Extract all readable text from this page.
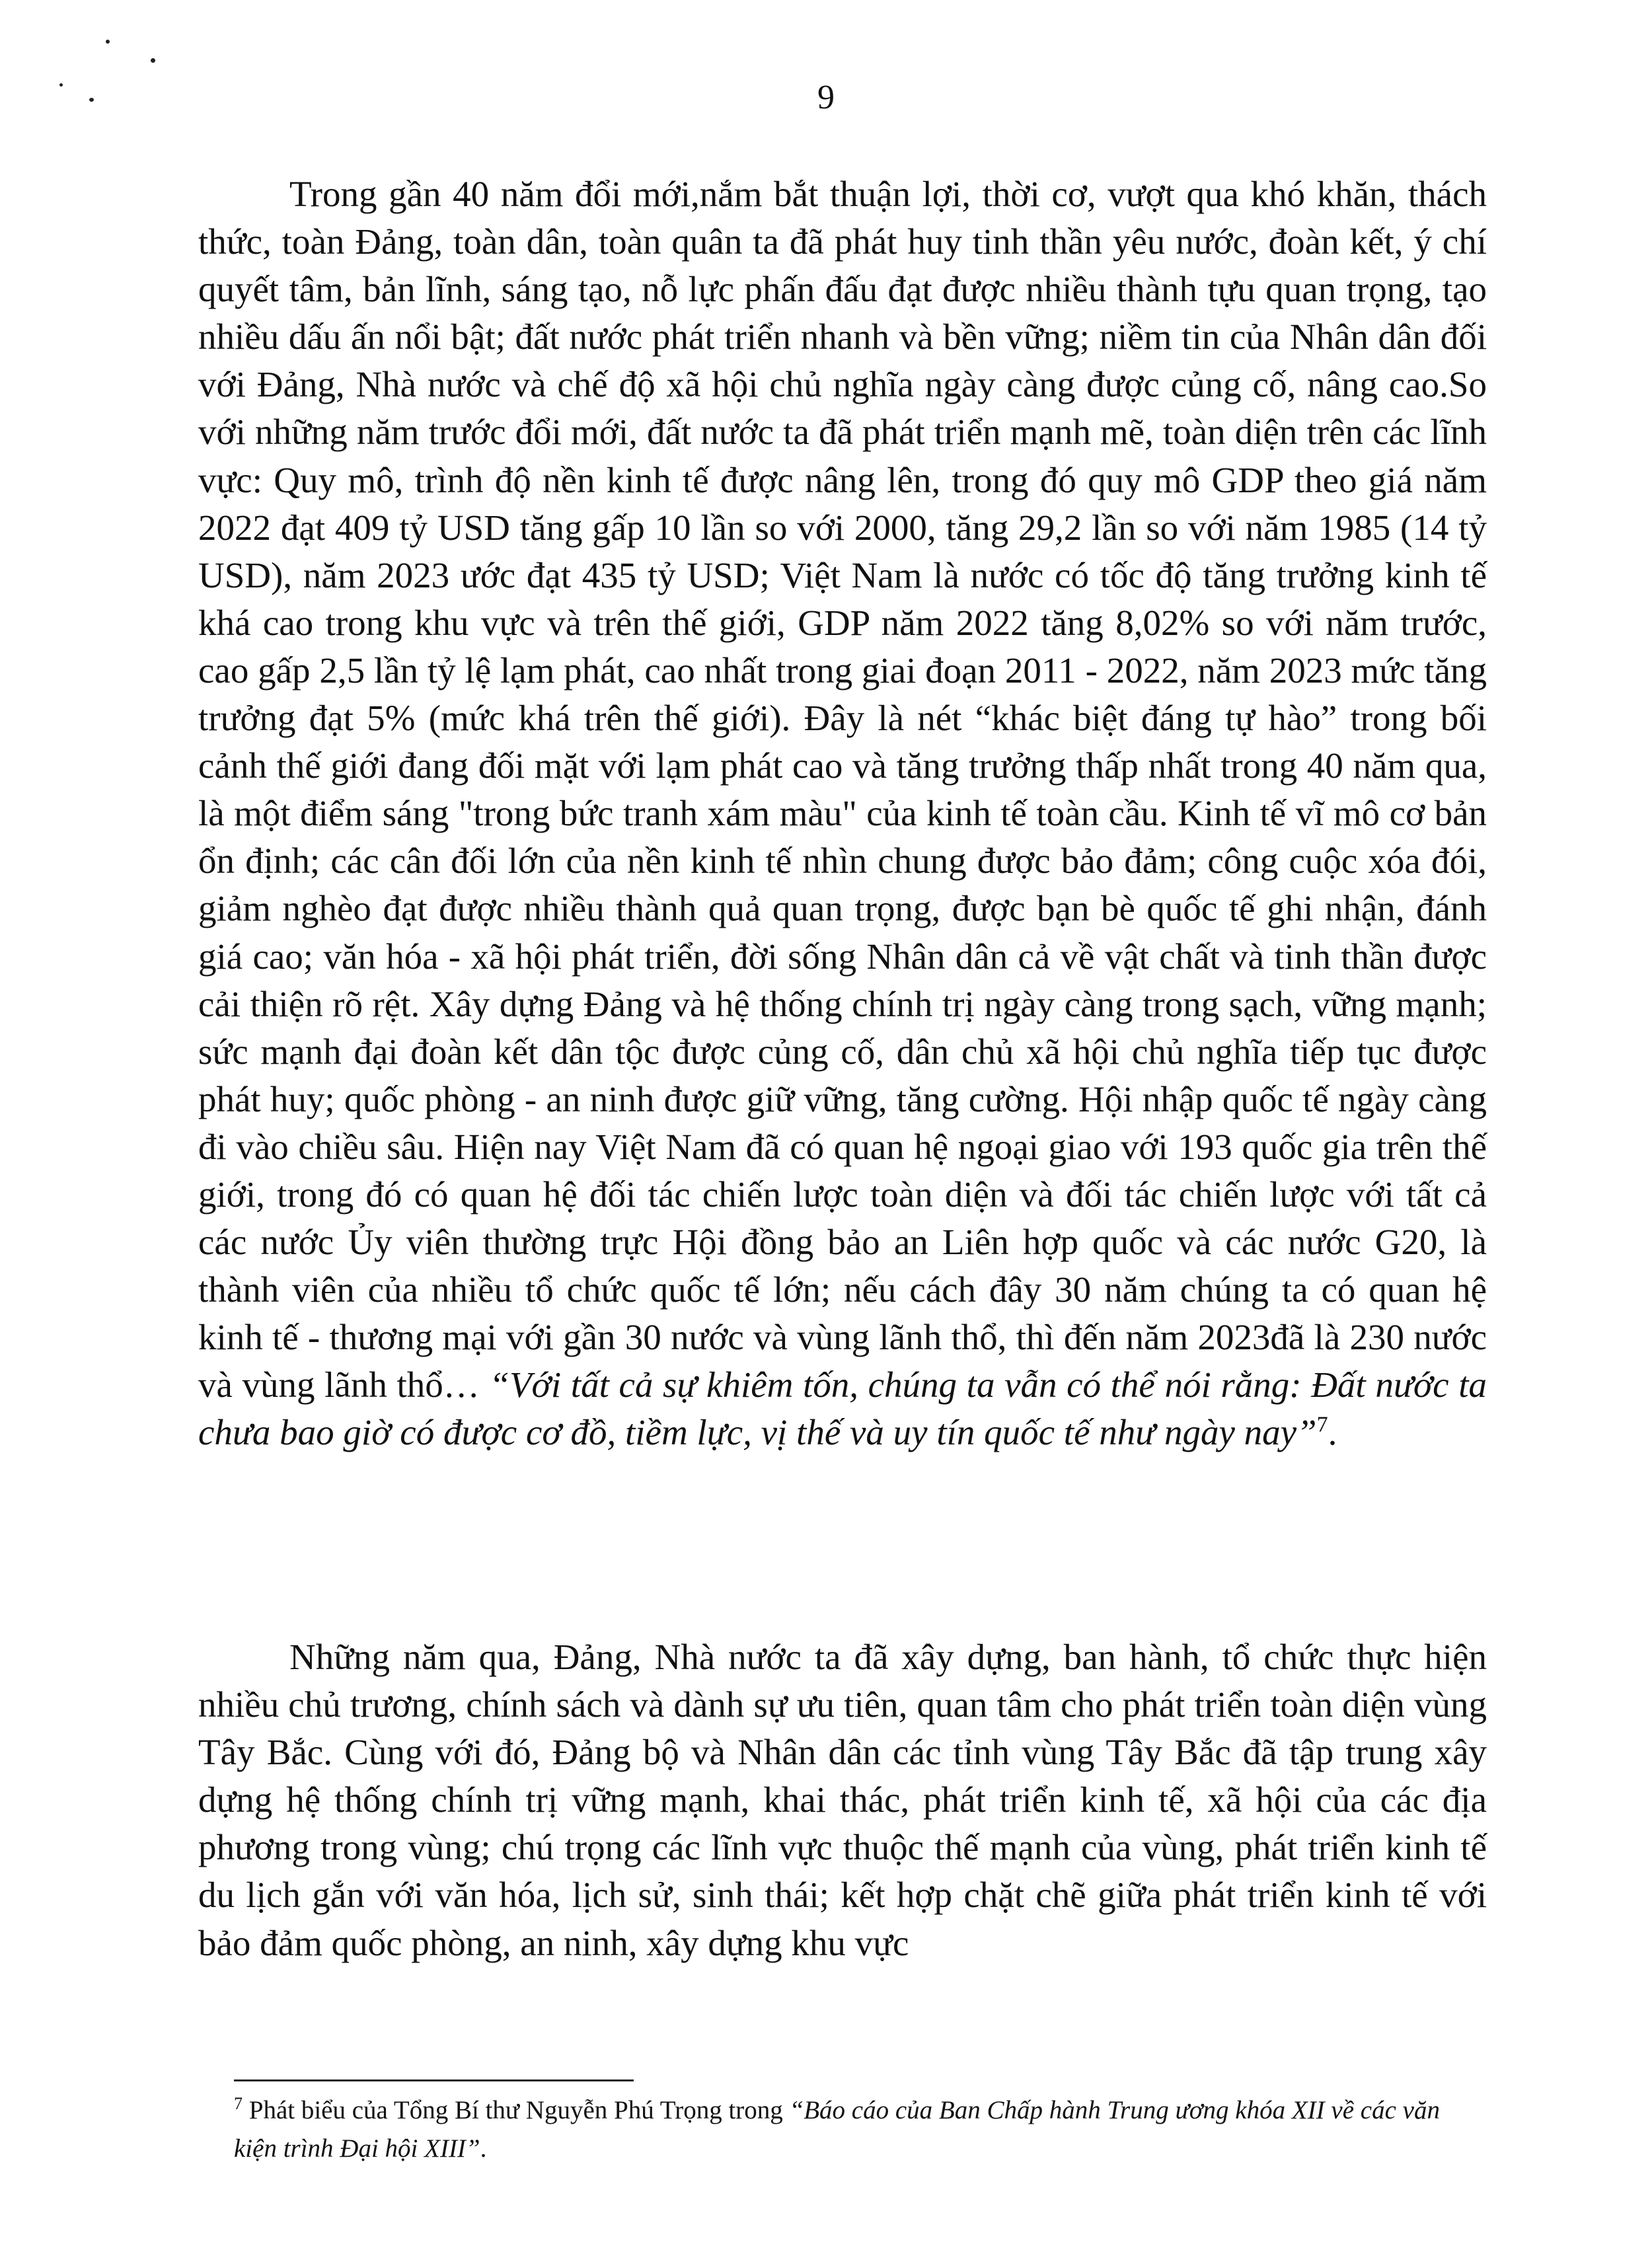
9

Trong gần 40 năm đổi mới,nắm bắt thuận lợi, thời cơ, vượt qua khó khăn, thách thức, toàn Đảng, toàn dân, toàn quân ta đã phát huy tinh thần yêu nước, đoàn kết, ý chí quyết tâm, bản lĩnh, sáng tạo, nỗ lực phấn đấu đạt được nhiều thành tựu quan trọng, tạo nhiều dấu ấn nổi bật; đất nước phát triển nhanh và bền vững; niềm tin của Nhân dân đối với Đảng, Nhà nước và chế độ xã hội chủ nghĩa ngày càng được củng cố, nâng cao.So với những năm trước đổi mới, đất nước ta đã phát triển mạnh mẽ, toàn diện trên các lĩnh vực: Quy mô, trình độ nền kinh tế được nâng lên, trong đó quy mô GDP theo giá năm 2022 đạt 409 tỷ USD tăng gấp 10 lần so với 2000, tăng 29,2 lần so với năm 1985 (14 tỷ USD), năm 2023 ước đạt 435 tỷ USD; Việt Nam là nước có tốc độ tăng trưởng kinh tế khá cao trong khu vực và trên thế giới, GDP năm 2022 tăng 8,02% so với năm trước, cao gấp 2,5 lần tỷ lệ lạm phát, cao nhất trong giai đoạn 2011 - 2022, năm 2023 mức tăng trưởng đạt 5% (mức khá trên thế giới). Đây là nét “khác biệt đáng tự hào” trong bối cảnh thế giới đang đối mặt với lạm phát cao và tăng trưởng thấp nhất trong 40 năm qua, là một điểm sáng "trong bức tranh xám màu" của kinh tế toàn cầu. Kinh tế vĩ mô cơ bản ổn định; các cân đối lớn của nền kinh tế nhìn chung được bảo đảm; công cuộc xóa đói, giảm nghèo đạt được nhiều thành quả quan trọng, được bạn bè quốc tế ghi nhận, đánh giá cao; văn hóa - xã hội phát triển, đời sống Nhân dân cả về vật chất và tinh thần được cải thiện rõ rệt. Xây dựng Đảng và hệ thống chính trị ngày càng trong sạch, vững mạnh; sức mạnh đại đoàn kết dân tộc được củng cố, dân chủ xã hội chủ nghĩa tiếp tục được phát huy; quốc phòng - an ninh được giữ vững, tăng cường. Hội nhập quốc tế ngày càng đi vào chiều sâu. Hiện nay Việt Nam đã có quan hệ ngoại giao với 193 quốc gia trên thế giới, trong đó có quan hệ đối tác chiến lược toàn diện và đối tác chiến lược với tất cả các nước Ủy viên thường trực Hội đồng bảo an Liên hợp quốc và các nước G20, là thành viên của nhiều tổ chức quốc tế lớn; nếu cách đây 30 năm chúng ta có quan hệ kinh tế - thương mại với gần 30 nước và vùng lãnh thổ, thì đến năm 2023đã là 230 nước và vùng lãnh thổ… “Với tất cả sự khiêm tốn, chúng ta vẫn có thể nói rằng: Đất nước ta chưa bao giờ có được cơ đồ, tiềm lực, vị thế và uy tín quốc tế như ngày nay”$^7$.

Những năm qua, Đảng, Nhà nước ta đã xây dựng, ban hành, tổ chức thực hiện nhiều chủ trương, chính sách và dành sự ưu tiên, quan tâm cho phát triển toàn diện vùng Tây Bắc. Cùng với đó, Đảng bộ và Nhân dân các tỉnh vùng Tây Bắc đã tập trung xây dựng hệ thống chính trị vững mạnh, khai thác, phát triển kinh tế, xã hội của các địa phương trong vùng; chú trọng các lĩnh vực thuộc thế mạnh của vùng, phát triển kinh tế du lịch gắn với văn hóa, lịch sử, sinh thái; kết hợp chặt chẽ giữa phát triển kinh tế với bảo đảm quốc phòng, an ninh, xây dựng khu vực

$^7$ Phát biểu của Tổng Bí thư Nguyễn Phú Trọng trong “Báo cáo của Ban Chấp hành Trung ương khóa XII về các văn kiện trình Đại hội XIII”.
